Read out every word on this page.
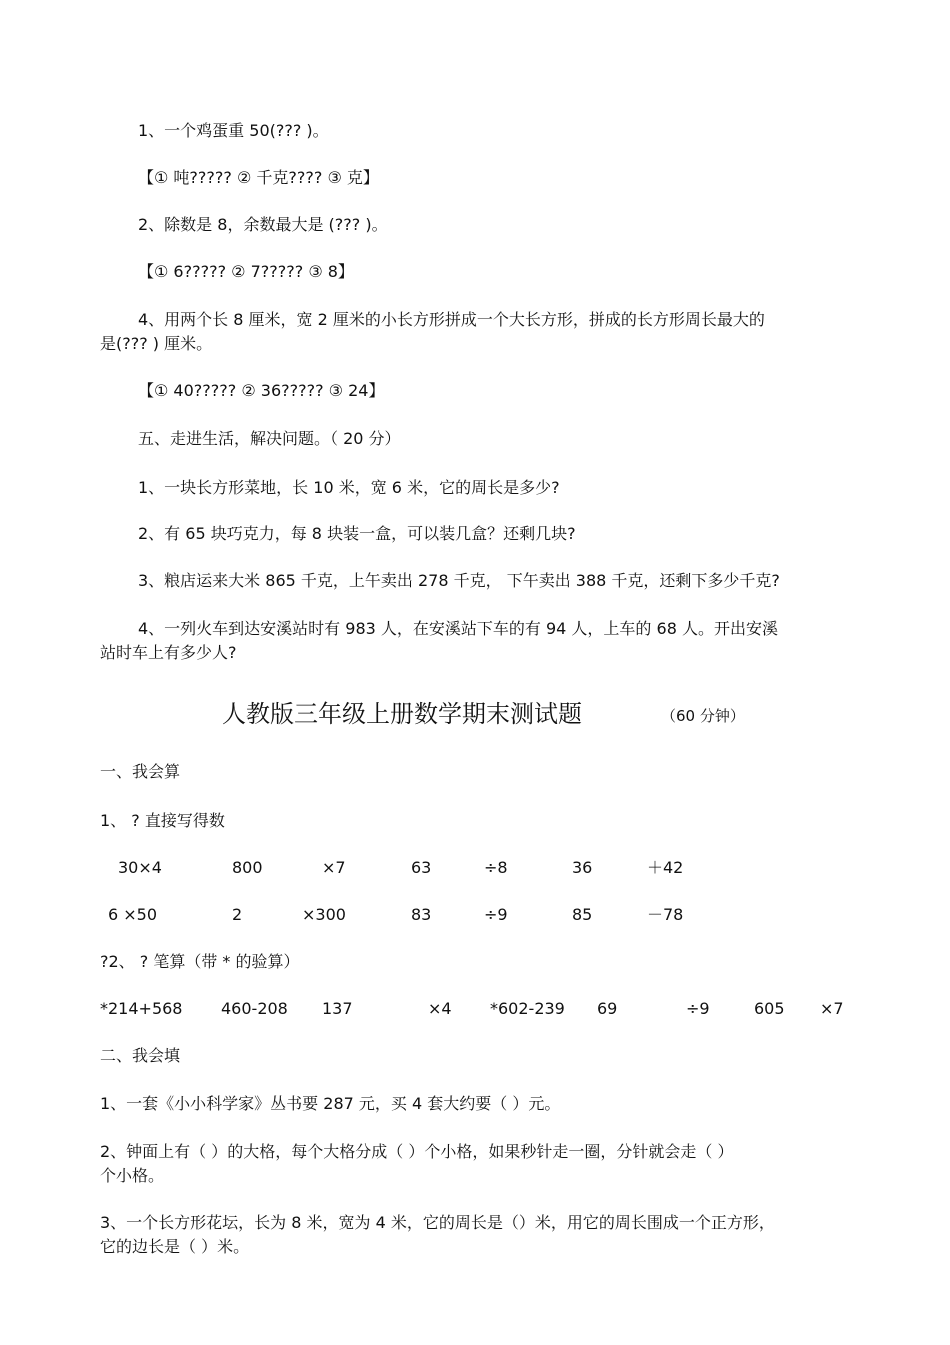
1、一个鸡蛋重 50(??? )。
【① 吨????? ② 千克???? ③ 克】
2、除数是 8，余数最大是 (??? )。
【① 6????? ② 7????? ③ 8】
4、用两个长 8 厘米，宽 2 厘米的小长方形拼成一个大长方形，拼成的长方形周长最大的
是(??? ) 厘米。
【① 40????? ② 36????? ③ 24】
五、走进生活，解决问题。（ 20 分）
1、一块长方形菜地，长 10 米，宽 6 米，它的周长是多少?
2、有 65 块巧克力，每 8 块装一盒，可以装几盒？还剩几块?
3、粮店运来大米 865 千克，上午卖出 278 千克， 下午卖出 388 千克，还剩下多少千克?
4、一列火车到达安溪站时有 983 人，在安溪站下车的有 94 人，上车的 68 人。开出安溪
站时车上有多少人?
人教版三年级上册数学期末测试题	（60 分钟）
一、我会算
1、 ? 直接写得数
30×4	800	×7	63	÷8	36	＋42
6 ×50	2	×300	83	÷9	85	－78
?2、 ? 笔算（带 * 的验算）
*214+568 460-208 137	×4 *602-239 69	÷9	605 ×7
二、我会填
1、一套《小小科学家》丛书要 287 元，买 4 套大约要（ ）元。
2、钟面上有（ ）的大格，每个大格分成（ ）个小格，如果秒针走一圈，分针就会走（ ）
个小格。
3、一个长方形花坛，长为 8 米，宽为 4 米，它的周长是（）米，用它的周长围成一个正方形，
它的边长是（ ）米。
